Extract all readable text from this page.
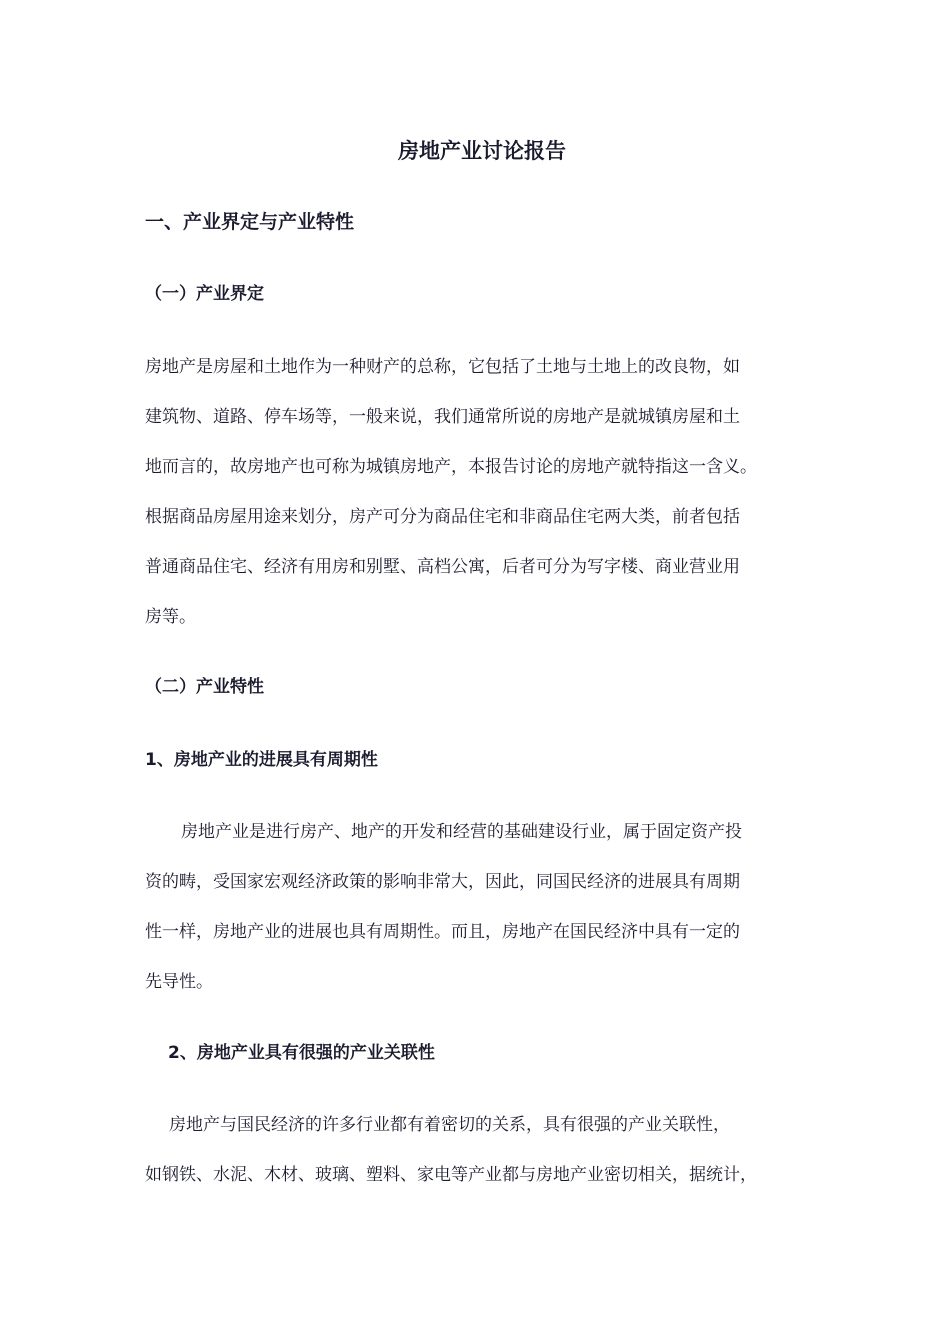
房地产业讨论报告
一、产业界定与产业特性
（一）产业界定
房地产是房屋和土地作为一种财产的总称，它包括了土地与土地上的改良物，如
建筑物、道路、停车场等，一般来说，我们通常所说的房地产是就城镇房屋和土
地而言的，故房地产也可称为城镇房地产，本报告讨论的房地产就特指这一含义。
根据商品房屋用途来划分，房产可分为商品住宅和非商品住宅两大类，前者包括
普通商品住宅、经济有用房和别墅、高档公寓，后者可分为写字楼、商业营业用
房等。
（二）产业特性
1、房地产业的进展具有周期性
房地产业是进行房产、地产的开发和经营的基础建设行业，属于固定资产投
资的畴，受国家宏观经济政策的影响非常大，因此，同国民经济的进展具有周期
性一样，房地产业的进展也具有周期性。而且，房地产在国民经济中具有一定的
先导性。
2、房地产业具有很强的产业关联性
房地产与国民经济的许多行业都有着密切的关系，具有很强的产业关联性，
如钢铁、水泥、木材、玻璃、塑料、家电等产业都与房地产业密切相关，据统计，
